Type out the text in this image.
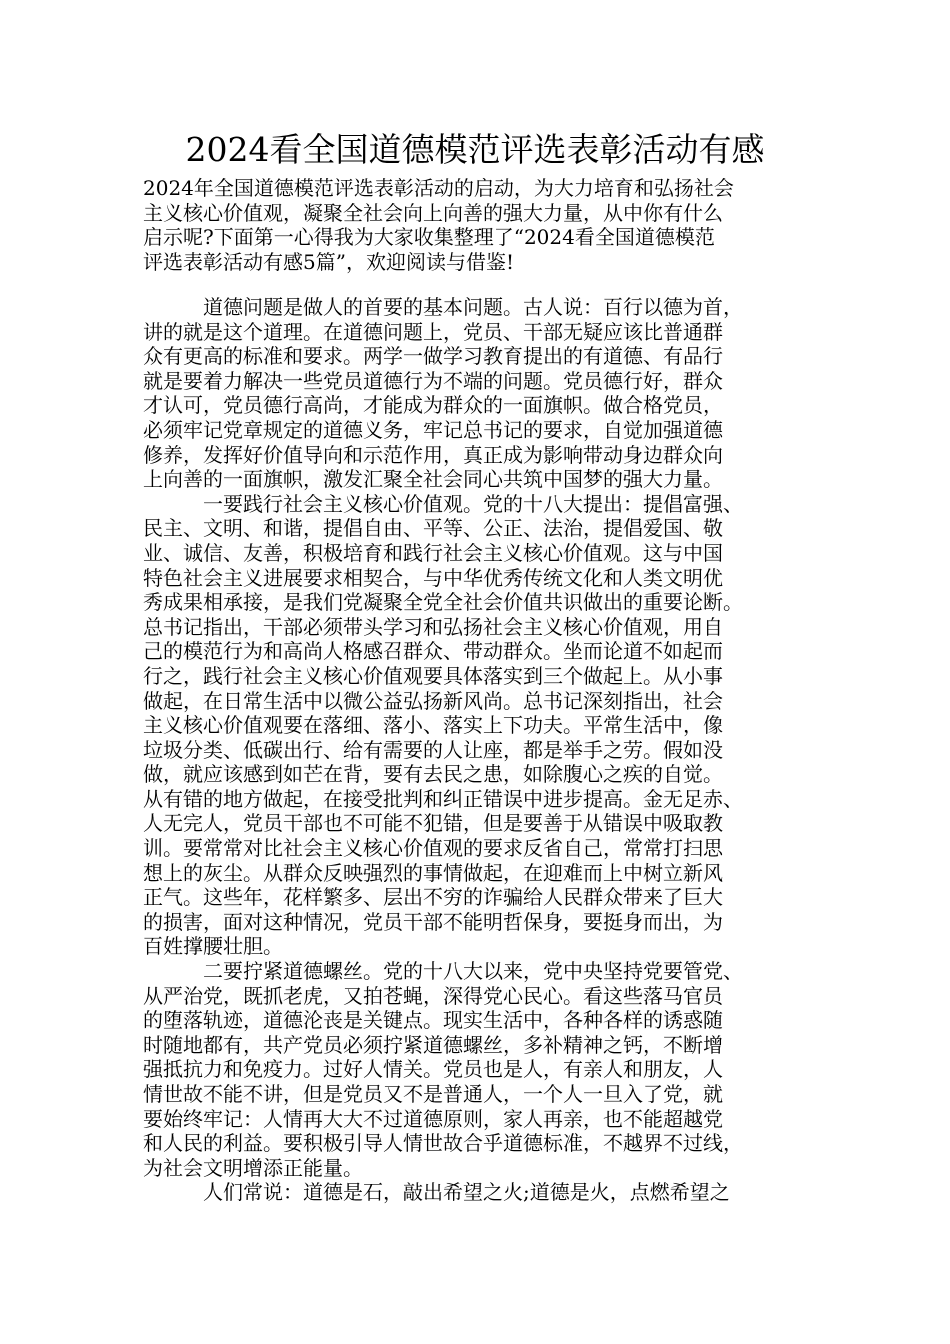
2024看全国道德模范评选表彰活动有感
2024年全国道德模范评选表彰活动的启动，为大力培育和弘扬社会
主义核心价值观，凝聚全社会向上向善的强大力量，从中你有什么
启示呢?下面第一心得我为大家收集整理了“2024看全国道德模范
评选表彰活动有感5篇”，欢迎阅读与借鉴!
道德问题是做人的首要的基本问题。古人说：百行以德为首，
讲的就是这个道理。在道德问题上，党员、干部无疑应该比普通群
众有更高的标准和要求。两学一做学习教育提出的有道德、有品行
就是要着力解决一些党员道德行为不端的问题。党员德行好，群众
才认可，党员德行高尚，才能成为群众的一面旗帜。做合格党员，
必须牢记党章规定的道德义务，牢记总书记的要求，自觉加强道德
修养，发挥好价值导向和示范作用，真正成为影响带动身边群众向
上向善的一面旗帜，激发汇聚全社会同心共筑中国梦的强大力量。
一要践行社会主义核心价值观。党的十八大提出：提倡富强、
民主、文明、和谐，提倡自由、平等、公正、法治，提倡爱国、敬
业、诚信、友善，积极培育和践行社会主义核心价值观。这与中国
特色社会主义进展要求相契合，与中华优秀传统文化和人类文明优
秀成果相承接，是我们党凝聚全党全社会价值共识做出的重要论断。
总书记指出，干部必须带头学习和弘扬社会主义核心价值观，用自
己的模范行为和高尚人格感召群众、带动群众。坐而论道不如起而
行之，践行社会主义核心价值观要具体落实到三个做起上。从小事
做起，在日常生活中以微公益弘扬新风尚。总书记深刻指出，社会
主义核心价值观要在落细、落小、落实上下功夫。平常生活中，像
垃圾分类、低碳出行、给有需要的人让座，都是举手之劳。假如没
做，就应该感到如芒在背，要有去民之患，如除腹心之疾的自觉。
从有错的地方做起，在接受批判和纠正错误中进步提高。金无足赤、
人无完人，党员干部也不可能不犯错，但是要善于从错误中吸取教
训。要常常对比社会主义核心价值观的要求反省自己，常常打扫思
想上的灰尘。从群众反映强烈的事情做起，在迎难而上中树立新风
正气。这些年，花样繁多、层出不穷的诈骗给人民群众带来了巨大
的损害，面对这种情况，党员干部不能明哲保身，要挺身而出，为
百姓撑腰壮胆。
二要拧紧道德螺丝。党的十八大以来，党中央坚持党要管党、
从严治党，既抓老虎，又拍苍蝇，深得党心民心。看这些落马官员
的堕落轨迹，道德沦丧是关键点。现实生活中，各种各样的诱惑随
时随地都有，共产党员必须拧紧道德螺丝，多补精神之钙，不断增
强抵抗力和免疫力。过好人情关。党员也是人，有亲人和朋友，人
情世故不能不讲，但是党员又不是普通人，一个人一旦入了党，就
要始终牢记：人情再大大不过道德原则，家人再亲，也不能超越党
和人民的利益。要积极引导人情世故合乎道德标准，不越界不过线，
为社会文明增添正能量。
人们常说：道德是石，敲出希望之火;道德是火，点燃希望之
